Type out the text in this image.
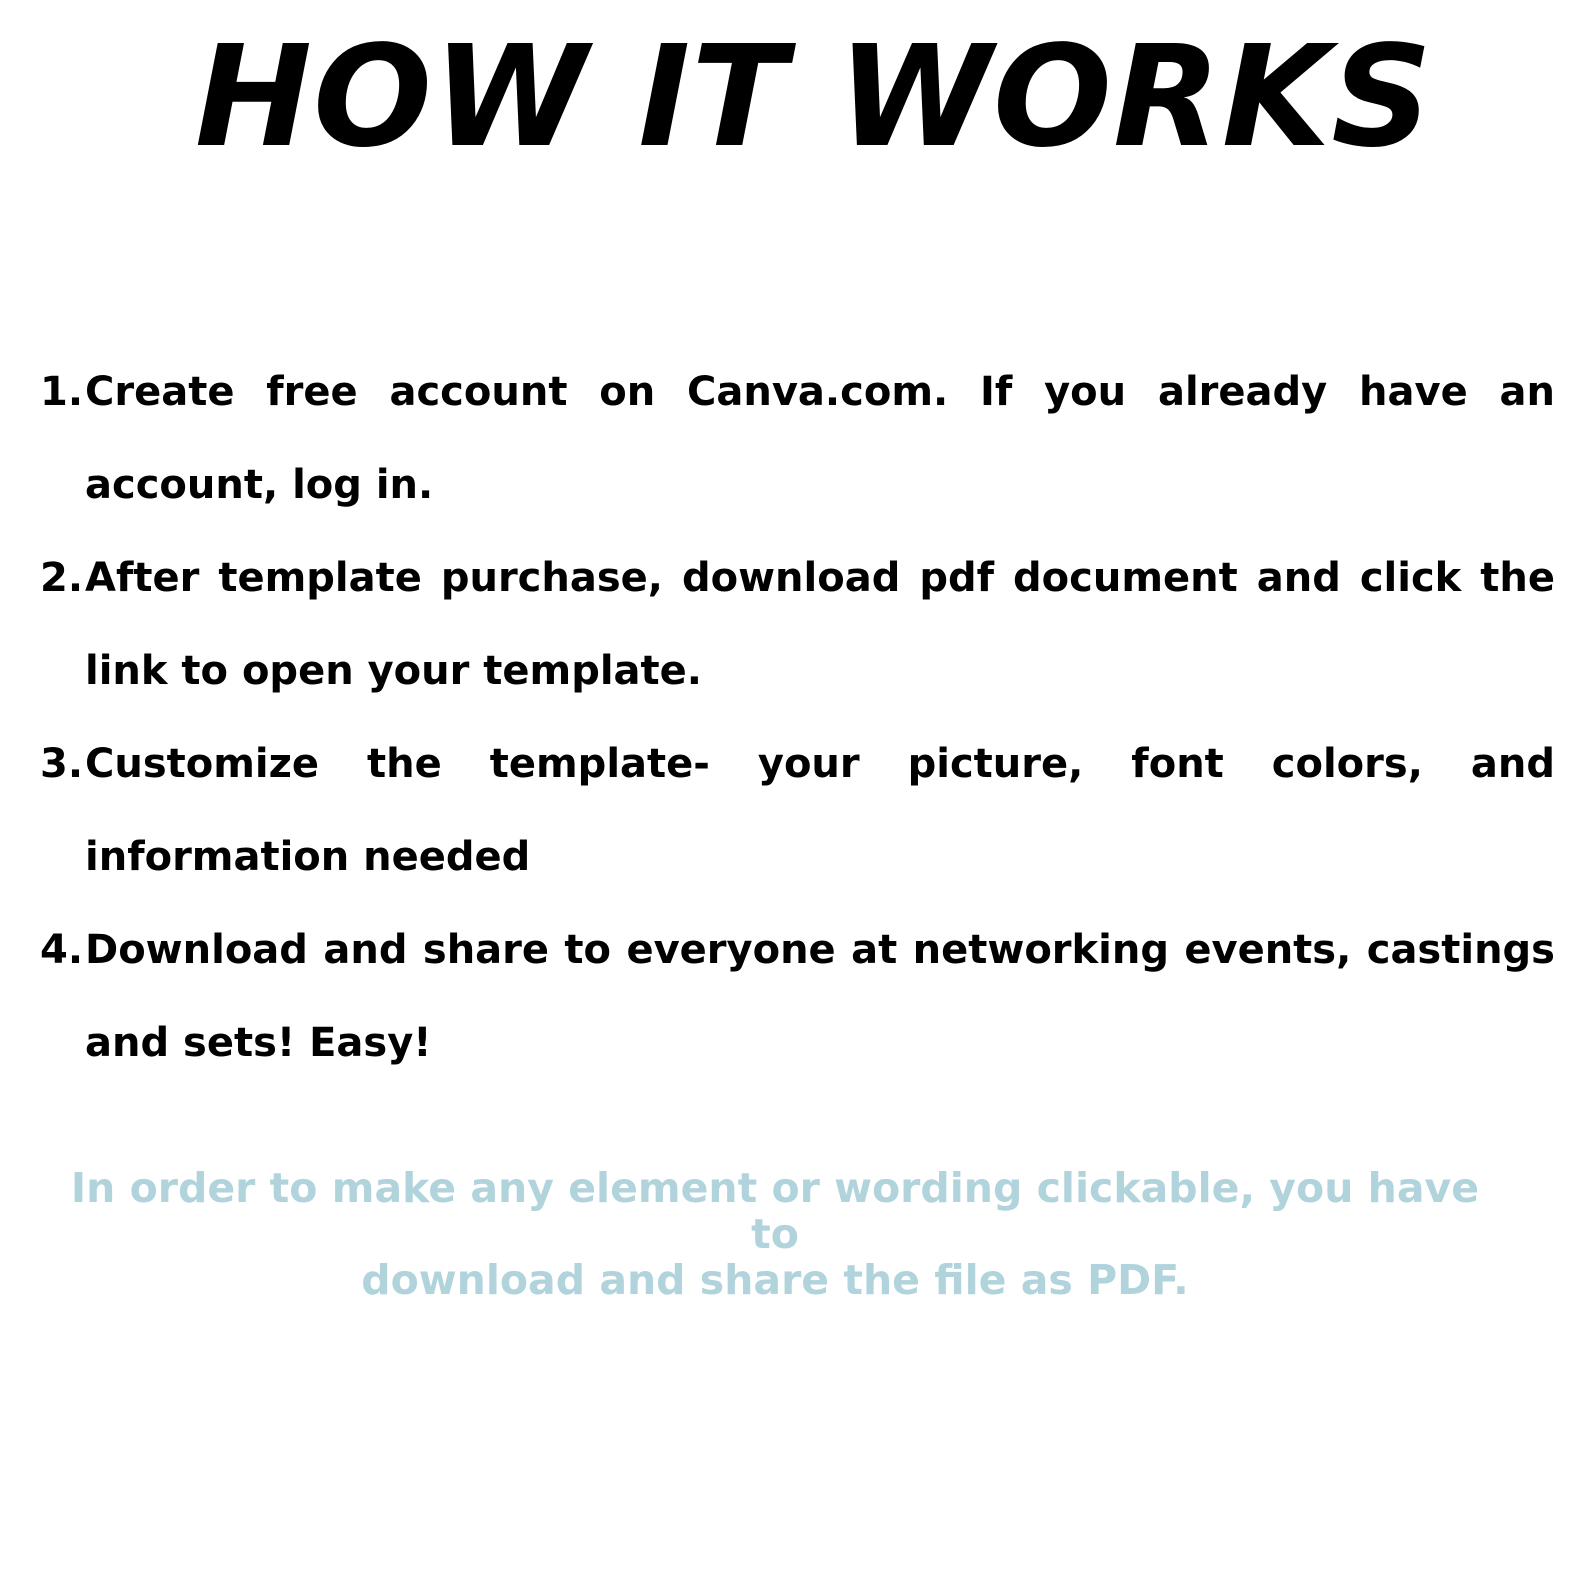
HOW IT WORKS
1. Create free account on Canva.com. If you already have an account, log in.
2. After template purchase, download pdf document and click the link to open your template.
3. Customize the template- your picture, font colors, and information needed
4. Download and share to everyone at networking events, castings and sets! Easy!
In order to make any element or wording clickable, you have to
download and share the file as PDF.
